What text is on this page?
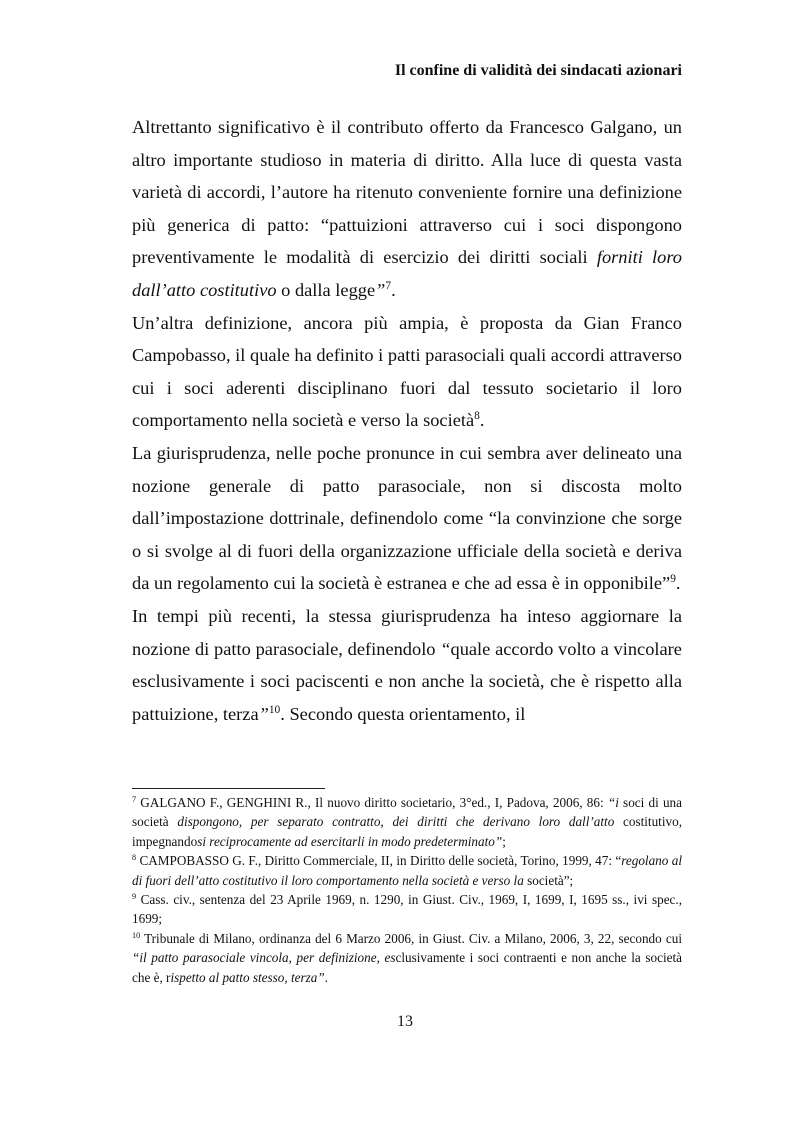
Il confine di validità dei sindacati azionari

Altrettanto significativo è il contributo offerto da Francesco Galgano, un altro importante studioso in materia di diritto. Alla luce di questa vasta varietà di accordi, l’autore ha ritenuto conveniente fornire una definizione più generica di patto: “pattuizioni attraverso cui i soci dispongono preventivamente le modalità di esercizio dei diritti sociali forniti loro dall’atto costitutivo o dalla legge”$^7$.

Un’altra definizione, ancora più ampia, è proposta da Gian Franco Campobasso, il quale ha definito i patti parasociali quali accordi attraverso cui i soci aderenti disciplinano fuori dal tessuto societario il loro comportamento nella società e verso la società$^8$.

La giurisprudenza, nelle poche pronunce in cui sembra aver delineato una nozione generale di patto parasociale, non si discosta molto dall’impostazione dottrinale, definendolo come “la convinzione che sorge o si svolge al di fuori della organizzazione ufficiale della società e deriva da un regolamento cui la società è estranea e che ad essa è in opponibile”$^9$.

In tempi più recenti, la stessa giurisprudenza ha inteso aggiornare la nozione di patto parasociale, definendolo “quale accordo volto a vincolare esclusivamente i soci paciscenti e non anche la società, che è rispetto alla pattuizione, terza”$^{10}$. Secondo questa orientamento, il

$^7$ GALGANO F., GENGHINI R., Il nuovo diritto societario, 3°ed., I, Padova, 2006, 86: “i soci di una società dispongono, per separato contratto, dei diritti che derivano loro dall’atto costitutivo, impegnandosi reciprocamente ad esercitarli in modo predeterminato”;

$^8$ CAMPOBASSO G. F., Diritto Commerciale, II, in Diritto delle società, Torino, 1999, 47: “regolano al di fuori dell’atto costitutivo il loro comportamento nella società e verso la società”;

$^9$ Cass. civ., sentenza del 23 Aprile 1969, n. 1290, in Giust. Civ., 1969, I, 1699, I, 1695 ss., ivi spec., 1699;

$^{10}$ Tribunale di Milano, ordinanza del 6 Marzo 2006, in Giust. Civ. a Milano, 2006, 3, 22, secondo cui “il patto parasociale vincola, per definizione, esclusivamente i soci contraenti e non anche la società che è, rispetto al patto stesso, terza”.

13
